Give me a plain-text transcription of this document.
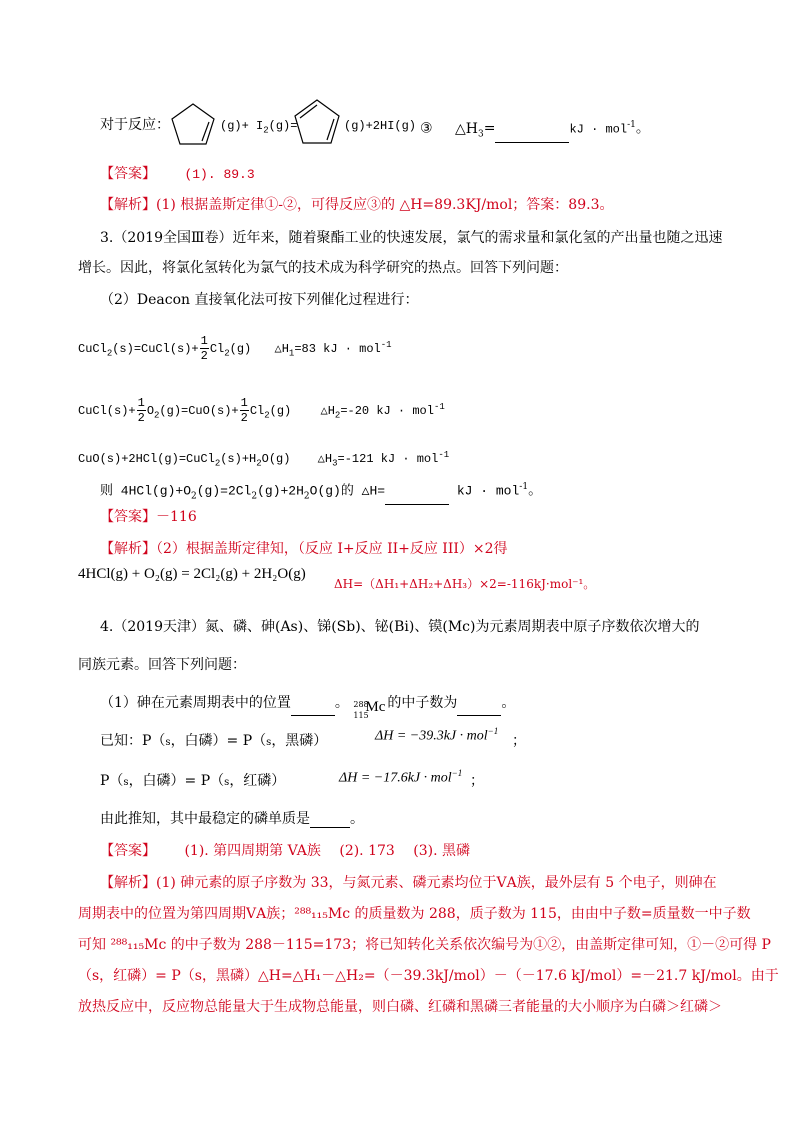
对于反应：	$(g)+ I_2(g)=$	(g)+2HI(g) ③ $\triangle H_3=$	kJ · mol$^{-1}$。
【答案】 (1). 89.3
【解析】(1) 根据盖斯定律①-②，可得反应③的 △H=89.3KJ/mol；答案：89.3。
3.（2019全国Ⅲ卷）近年来，随着聚酯工业的快速发展，氯气的需求量和氯化氢的产出量也随之迅速
增长。因此，将氯化氢转化为氯气的技术成为科学研究的热点。回答下列问题：
（2）Deacon 直接氧化法可按下列催化过程进行：
CuCl$_2$(s)=CuCl(s)+ $\frac{1}{2} Cl_2(g)$ $\triangle H_1=83$ kJ · mol$^{-1}$
CuCl(s)+ $\frac{1}{2} O_2(g)=CuO(s)+ \frac{1}{2} Cl_2(g)$ $\triangle H_2=-20$ kJ · mol$^{-1}$
$CuO(s)+2HCl(g)=CuCl_2(s)+H_2O(g)$ $\triangle H_3=-121$ kJ · mol$^{-1}$
则 $4HCl(g)+O_2(g)=2Cl_2(g)+2H_2O(g)$的 △H=	kJ · mol$^{-1}$。
【答案】－116
【解析】（2）根据盖斯定律知，（反应 I+反应 II+反应 III）×2得
4HCl(g) + O₂(g) = 2Cl₂(g) + 2H₂O(g)
ΔH=（ΔH₁+ΔH₂+ΔH₃）×2=-116kJ·mol⁻¹。
4.（2019天津）氮、磷、砷(As)、锑(Sb)、铋(Bi)、镆(Mc)为元素周期表中原子序数依次增大的
同族元素。回答下列问题：
（1）砷在元素周期表中的位置	。 288
115
Mc 的中子数为	。
已知：P（s，白磷）= P（s，黑磷）	ΔH = −39.3kJ · mol$^{-1}$
；
P（s，白磷）= P（s，红磷）	ΔH = −17.6kJ · mol$^{-1}$ ；
由此推知，其中最稳定的磷单质是	。
【答案】 (1). 第四周期第 VA族　 (2). 173　 (3). 黑磷
【解析】(1) 砷元素的原子序数为 33，与氮元素、磷元素均位于ⅤA族，最外层有 5 个电子，则砷在
周期表中的位置为第四周期ⅤA族；²⁸⁸₁₁₅Mc 的质量数为 288，质子数为 115，由由中子数=质量数一中子数
可知 ²⁸⁸₁₁₅Mc 的中子数为 288－115=173；将已知转化关系依次编号为①②，由盖斯定律可知，①－②可得 P
（s，红磷）= P（s，黑磷）△H=△H₁－△H₂=（－39.3kJ/mol）－（－17.6 kJ/mol）=－21.7 kJ/mol。由于
放热反应中，反应物总能量大于生成物总能量，则白磷、红磷和黑磷三者能量的大小顺序为白磷＞红磷＞
